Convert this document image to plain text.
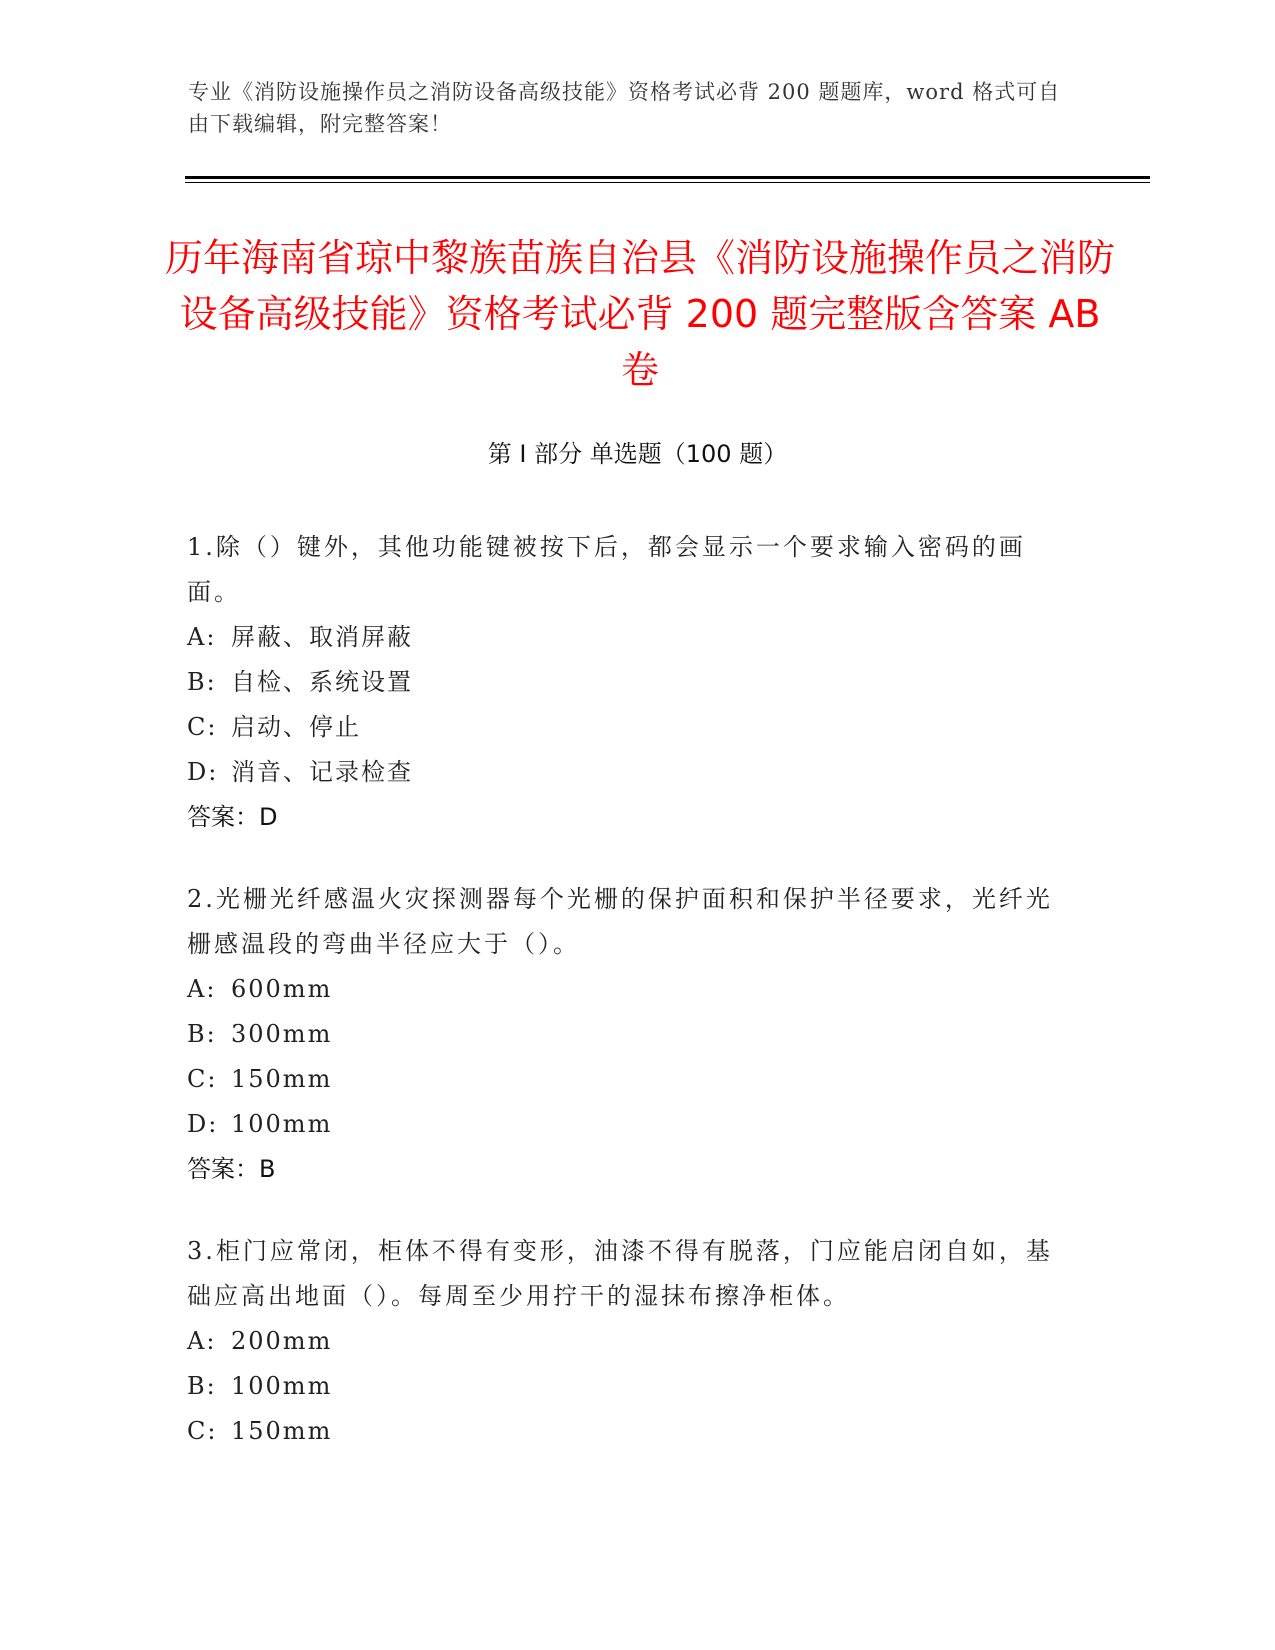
专业《消防设施操作员之消防设备高级技能》资格考试必背 200 题题库，word 格式可自由下载编辑，附完整答案！
历年海南省琼中黎族苗族自治县《消防设施操作员之消防设备高级技能》资格考试必背 200 题完整版含答案 AB 卷
第 I 部分 单选题（100 题）
1.除（）键外，其他功能键被按下后，都会显示一个要求输入密码的画面。
A: 屏蔽、取消屏蔽
B: 自检、系统设置
C: 启动、停止
D: 消音、记录检查
答案：D
2.光栅光纤感温火灾探测器每个光栅的保护面积和保护半径要求，光纤光栅感温段的弯曲半径应大于（）。
A: 600mm
B: 300mm
C: 150mm
D: 100mm
答案：B
3.柜门应常闭，柜体不得有变形，油漆不得有脱落，门应能启闭自如，基础应高出地面（）。每周至少用拧干的湿抹布擦净柜体。
A: 200mm
B: 100mm
C: 150mm
